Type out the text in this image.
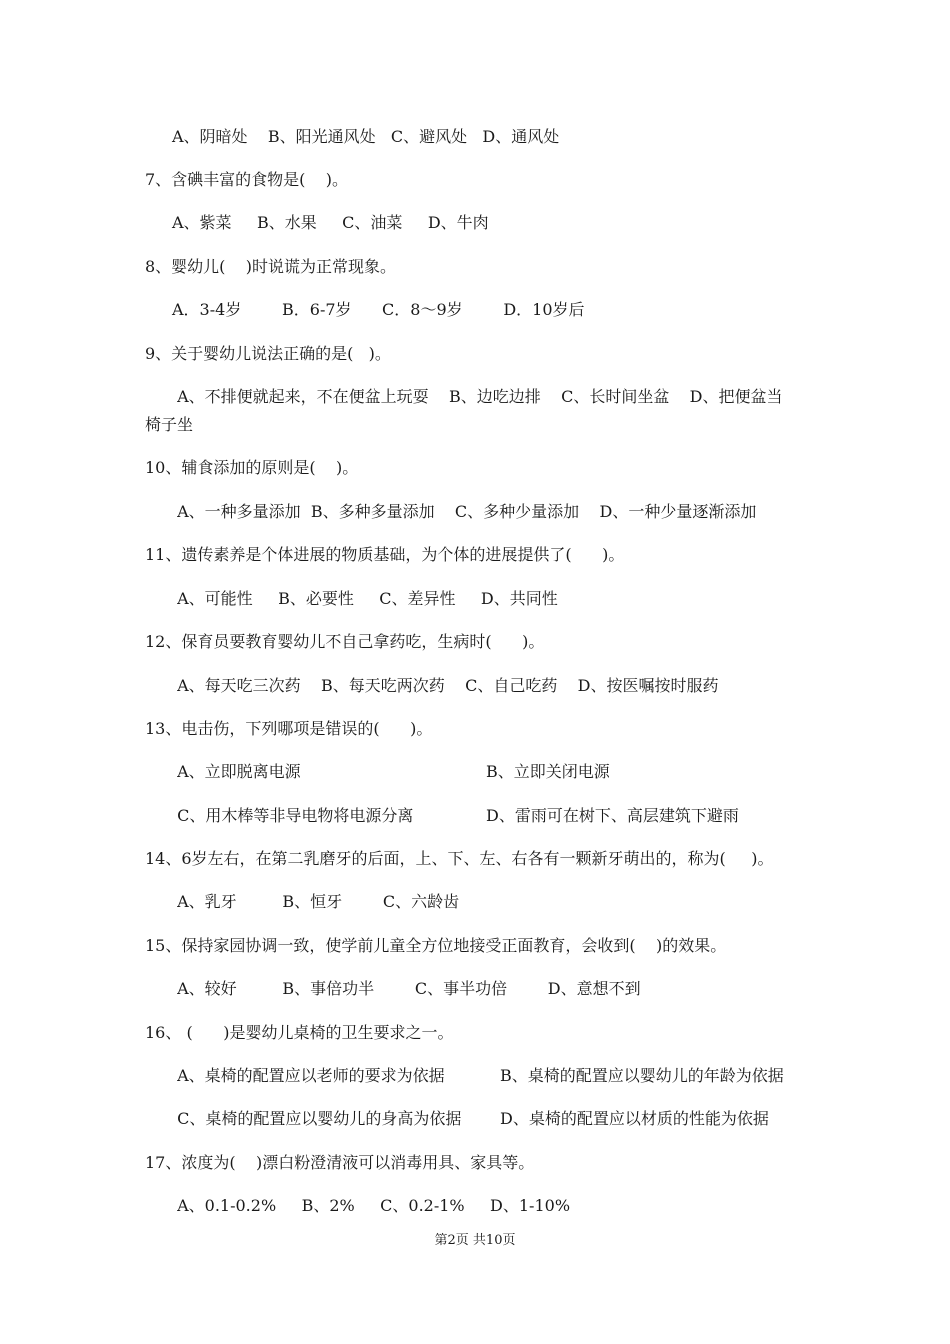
A、阴暗处    B、阳光通风处   C、避风处   D、通风处
7、含碘丰富的食物是(    )。
A、紫菜     B、水果     C、油菜     D、牛肉
8、婴幼儿(    )时说谎为正常现象。
A．3-4岁        B．6-7岁      C．8～9岁        D．10岁后
9、关于婴幼儿说法正确的是(   )。
A、不排便就起来，不在便盆上玩耍    B、边吃边排    C、长时间坐盆    D、把便盆当
椅子坐
10、辅食添加的原则是(    )。
A、一种多量添加  B、多种多量添加    C、多种少量添加    D、一种少量逐渐添加
11、遗传素养是个体进展的物质基础，为个体的进展提供了(      )。
A、可能性     B、必要性     C、差异性     D、共同性
12、保育员要教育婴幼儿不自己拿药吃，生病时(      )。
A、每天吃三次药    B、每天吃两次药    C、自己吃药    D、按医嘱按时服药
13、电击伤，下列哪项是错误的(      )。
A、立即脱离电源	B、立即关闭电源
C、用木棒等非导电物将电源分离	D、雷雨可在树下、高层建筑下避雨
14、6岁左右，在第二乳磨牙的后面，上、下、左、右各有一颗新牙萌出的，称为(     )。
A、乳牙         B、恒牙        C、六龄齿
15、保持家园协调一致，使学前儿童全方位地接受正面教育，会收到(    )的效果。
A、较好         B、事倍功半        C、事半功倍        D、意想不到
16、 (      )是婴幼儿桌椅的卫生要求之一。
A、桌椅的配置应以老师的要求为依据	B、桌椅的配置应以婴幼儿的年龄为依据
C、桌椅的配置应以婴幼儿的身高为依据 D、桌椅的配置应以材质的性能为依据
17、浓度为(    )漂白粉澄清液可以消毒用具、家具等。
A、0.1-0.2%     B、2%     C、0.2-1%     D、1-10%
第2页 共10页
